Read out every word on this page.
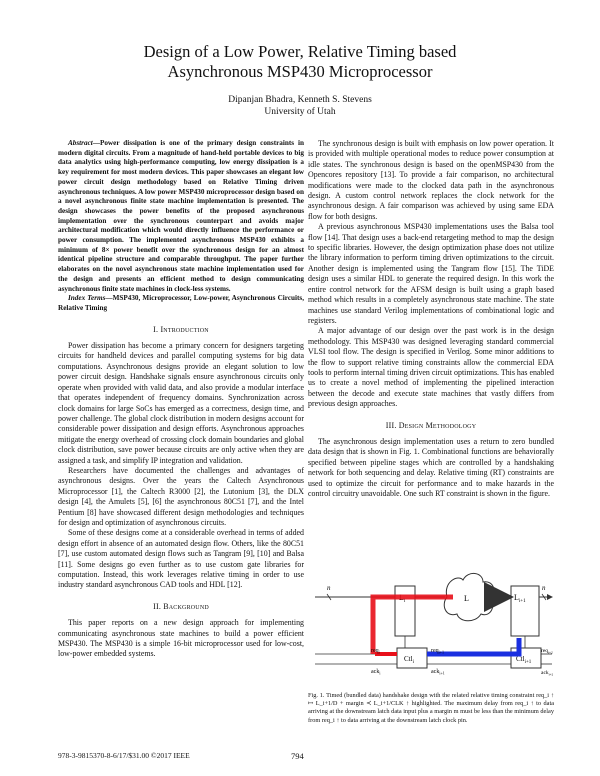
Design of a Low Power, Relative Timing based
Asynchronous MSP430 Microprocessor
Dipanjan Bhadra, Kenneth S. Stevens
University of Utah
Abstract—Power dissipation is one of the primary design constraints in modern digital circuits. From a magnitude of hand-held portable devices to big data analytics using high-performance computing, low energy dissipation is a key requirement for most modern devices. This paper showcases an elegant low power circuit design methodology based on Relative Timing driven asynchronous techniques. A low power MSP430 microprocessor design based on a novel asynchronous finite state machine implementation is presented. The design showcases the power benefits of the proposed asynchronous implementation over the synchronous counterpart and avoids major architectural modification which would directly influence the performance or power consumption. The implemented asynchronous MSP430 exhibits a minimum of 8× power benefit over the synchronous design for an almost identical pipeline structure and comparable throughput. The paper further elaborates on the novel asynchronous state machine implementation used for the design and presents an efficient method to design communicating asynchronous finite state machines in clock-less systems.
Index Terms—MSP430, Microprocessor, Low-power, Asynchronous Circuits, Relative Timing
I. Introduction

Power dissipation has become a primary concern for designers targeting circuits for handheld devices and parallel computing systems for big data computations. Asynchronous designs provide an elegant solution to low power circuit design. Handshake signals ensure asynchronous circuits only operate when provided with valid data, and also provide a modular interface that operates independent of frequency domains. Synchronization across clock domains for large SoCs has emerged as a correctness, design time, and power challenge. The global clock distribution in modern designs account for considerable power dissipation and design efforts. Asynchronous approaches mitigate the energy overhead of crossing clock domain boundaries and global clock distribution, save power because circuits are only active when they are assigned a task, and simplify IP integration and validation.

Researchers have documented the challenges and advantages of asynchronous designs. Over the years the Caltech Asynchronous Microprocessor [1], the Caltech R3000 [2], the Lutonium [3], the DLX design [4], the Amulets [5], [6] the asynchronous 80C51 [7], and the Intel Pentium [8] have showcased different design methodologies and techniques for design and optimization of asynchronous circuits.

Some of these designs come at a considerable overhead in terms of added design effort in absence of an automated design flow. Others, like the 80C51 [7], use custom automated design flows such as Tangram [9], [10] and Balsa [11]. Some designs go even further as to use custom gate libraries for computation. Instead, this work leverages relative timing in order to use industry standard asynchronous CAD tools and HDL [12].

II. Background

This paper reports on a new design approach for implementing communicating asynchronous state machines to build a power efficient MSP430. The MSP430 is a simple 16-bit microprocessor used for low-cost, low-power embedded systems.

The synchronous design is built with emphasis on low power operation. It is provided with multiple operational modes to reduce power consumption at idle states. The synchronous design is based on the openMSP430 from the Opencores repository [13]. To provide a fair comparison, no architectural modifications were made to the clocked data path in the asynchronous design. A custom control network replaces the clock network for the asynchronous design. A fair comparison was achieved by using same EDA flow for both designs.

A previous asynchronous MSP430 implementations uses the Balsa tool flow [14]. That design uses a back-end retargeting method to map the design to specific libraries. However, the design optimization phase does not utilize the library information to perform timing driven optimizations to the circuit. Another design is implemented using the Tangram flow [15]. The TiDE design uses a similar HDL to generate the required design. In this work the entire control network for the AFSM design is built using a graph based method which results in a completely asynchronous state machine. The state machines use standard Verilog implementations of combinational logic and registers.

A major advantage of our design over the past work is in the design methodology. This MSP430 was designed leveraging standard commercial VLSI tool flow. The design is specified in Verilog. Some minor additions to the flow to support relative timing constraints allow the commercial EDA tools to perform internal timing driven circuit optimizations. This has enabled us to create a novel method of implementing the pipelined interaction between the decode and execute state machines that vastly differs from previous design approaches.

III. Design Methodology

The asynchronous design implementation uses a return to zero bundled data design that is shown in Fig. 1. Combinational functions are behaviorally specified between pipeline stages which are controlled by a handshaking network for both sequencing and delay. Relative timing (RT) constraints are used to optimize the circuit for performance and to make hazards in the control circuitry unavoidable. One such RT constraint is shown in the figure.

n	n
$L_i$	$L_{i+1}$
L
Ctl$_i$	Ctl$_{i+1}$
req$_i$
ack$_i$
req$_{i+1}$
ack$_{i+1}$
req$_{i+2}$
ack$_{i+2}$
Fig. 1. Timed (bundled data) handshake design with the related relative timing constraint req_i ↑ ↦ L_i+1/D + margin ≺ L_i+1/CLK ↑ highlighted. The maximum delay from req_i ↑ to data arriving at the downstream latch data input plus a margin m must be less than the minimum delay from req_i ↑ to data arriving at the downstream latch clock pin.
978-3-9815370-8-6/17/$31.00 ©2017 IEEE	794
